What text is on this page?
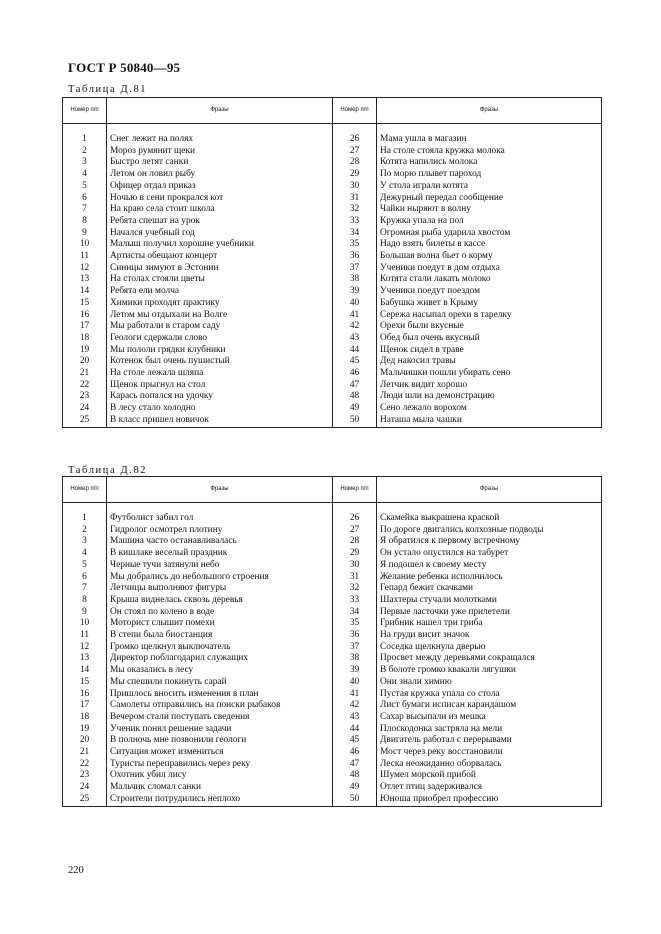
ГОСТ Р 50840—95
Таблица Д.81
Номер п/п	Фразы	Номер п/п	Фразы

1	Снег лежит на полях	26	Мама ушла в магазин
2	Мороз румянит щеки	27	На столе стояла кружка молока
3	Быстро летят санки	28	Котята напились молока
4	Летом он ловил рыбу	29	По морю плывет пароход
5	Офицер отдал приказ	30	У стола играли котята
6	Ночью в сени прокрался кот	31	Дежурный передал сообщение
7	На краю села стоит школа	32	Чайки ныряют в волну
8	Ребята спешат на урок	33	Кружка упала на пол
9	Начался учебный год	34	Огромная рыба ударила хвостом
10	Малыш получил хорошие учебники	35	Надо взять билеты в кассе
11	Артисты обещают концерт	36	Большая волна бьет о корму
12	Синицы зимуют в Эстонии	37	Ученики поедут в дом отдыха
13	На столах стояли цветы	38	Котята стали лакать молоко
14	Ребята ели молча	39	Ученики поедут поездом
15	Химики проходят практику	40	Бабушка живет в Крыму
16	Летом мы отдыхали на Волге	41	Сережа насыпал орехи в тарелку
17	Мы работали в старом саду	42	Орехи были вкусные
18	Геологи сдержали слово	43	Обед был очень вкусный
19	Мы пололи грядки клубники	44	Щенок сидел в траве
20	Котенок был очень пушистый	45	Дед накосил травы
21	На столе лежала шляпа	46	Мальчишки пошли убирать сено
22	Щенок прыгнул на стол	47	Летчик видит хорошо
23	Карась попался на удочку	48	Люди шли на демонстрацию
24	В лесу стало холодно	49	Сено лежало ворохом
25	В класс пришел новичок	50	Наташа мыла чашки
Таблица Д.82
Номер п/п	Фразы	Номер п/п	Фразы

1	Футболист забил гол	26	Скамейка выкрашена краской
2	Гидролог осмотрел плотину	27	По дороге двигались колхозные подводы
3	Машина часто останавливалась	28	Я обратился к первому встречному
4	В кишлаке веселый праздник	29	Он устало опустился на табурет
5	Черные тучи затянули небо	30	Я подошел к своему месту
6	Мы добрались до небольшого строения	31	Желание ребенка исполнилось
7	Летчицы выполняют фигуры	32	Гепард бежит скачками
8	Крыша виднелась сквозь деревья	33	Шахтеры стучали молотками
9	Он стоял по колено в воде	34	Первые ласточки уже прилетели
10	Моторист слышит помехи	35	Грибник нашел три гриба
11	В степи была биостанция	36	На груди висит значок
12	Громко щелкнул выключатель	37	Соседка щелкнула дверью
13	Директор поблагодарил служащих	38	Просвет между деревьями сокращался
14	Мы оказались в лесу	39	В болоте громко квакали лягушки
15	Мы спешили покинуть сарай	40	Они знали химию
16	Пришлось вносить изменения в план	41	Пустая кружка упала со стола
17	Самолеты отправились на поиски рыбаков	42	Лист бумаги исписан карандашом
18	Вечером стали поступать сведения	43	Сахар высыпали из мешка
19	Ученик понял решение задачи	44	Плоскодонка застряла на мели
20	В полночь мне позвонили геологи	45	Двигатель работал с перерывами
21	Ситуация может измениться	46	Мост через реку восстановили
22	Туристы переправились через реку	47	Леска неожиданно оборвалась
23	Охотник убил лису	48	Шумел морской прибой
24	Мальчик сломал санки	49	Отлет птиц задерживался
25	Строители потрудились неплохо	50	Юноша приобрел профессию
220
